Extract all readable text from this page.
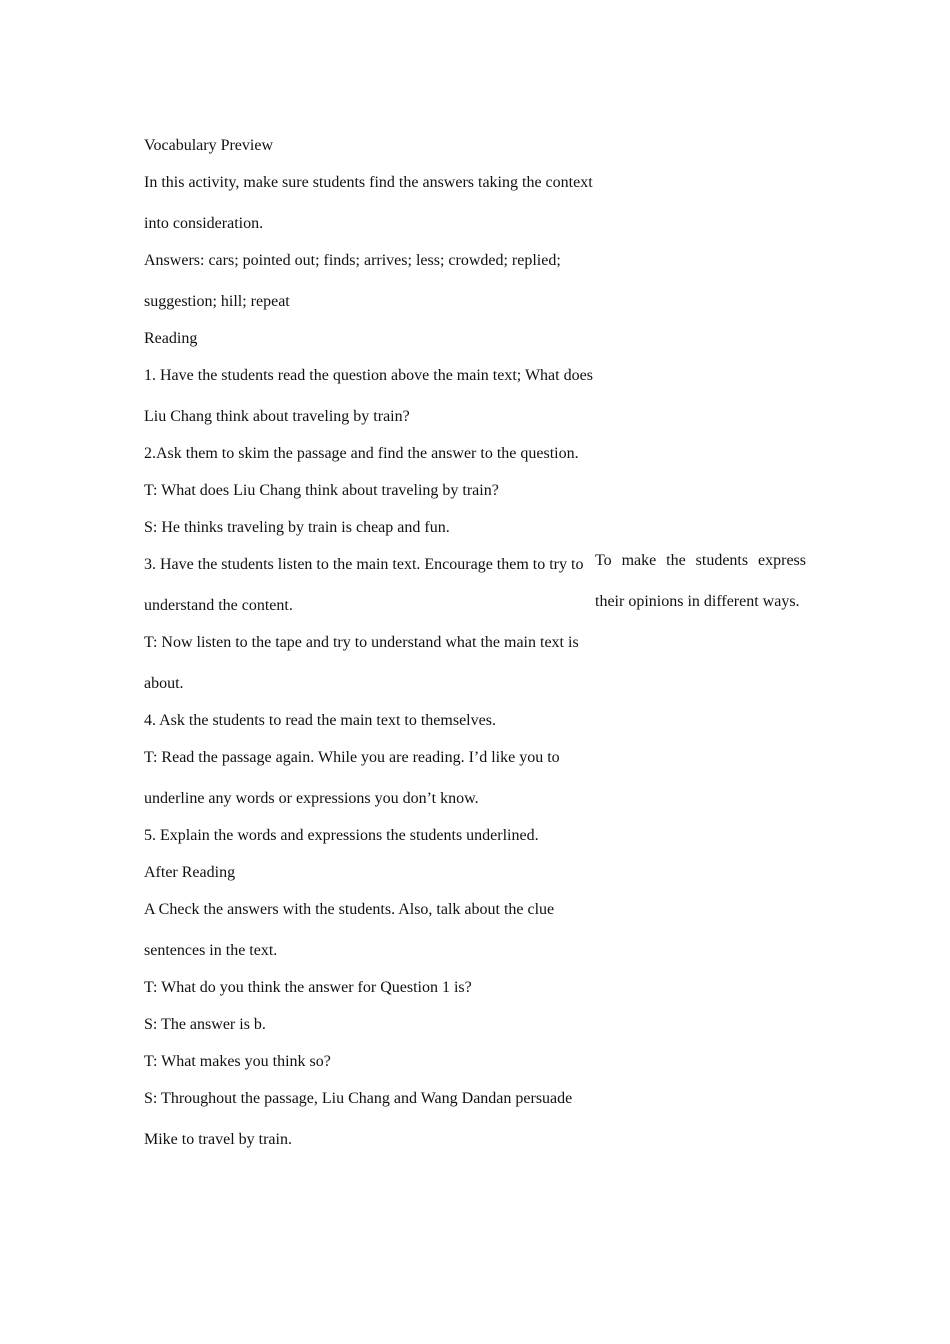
Vocabulary Preview

In this activity, make sure students find the answers taking the context into consideration.

Answers: cars; pointed out; finds; arrives; less; crowded; replied; suggestion; hill; repeat

Reading

1. Have the students read the question above the main text; What does Liu Chang think about traveling by train?

2.Ask them to skim the passage and find the answer to the question.

T: What does Liu Chang think about traveling by train?

S: He thinks traveling by train is cheap and fun.

3. Have the students listen to the main text. Encourage them to try to understand the content.

T: Now listen to the tape and try to understand what the main text is about.

4. Ask the students to read the main text to themselves.

T: Read the passage again. While you are reading. I’d like you to underline any words or expressions you don’t know.

5. Explain the words and expressions the students underlined.

After Reading

A Check the answers with the students. Also, talk about the clue sentences in the text.

T: What do you think the answer for Question 1 is?

S: The answer is b.

T: What makes you think so?

S: Throughout the passage, Liu Chang and Wang Dandan persuade Mike to travel by train.

To make the students express their opinions in different ways.
